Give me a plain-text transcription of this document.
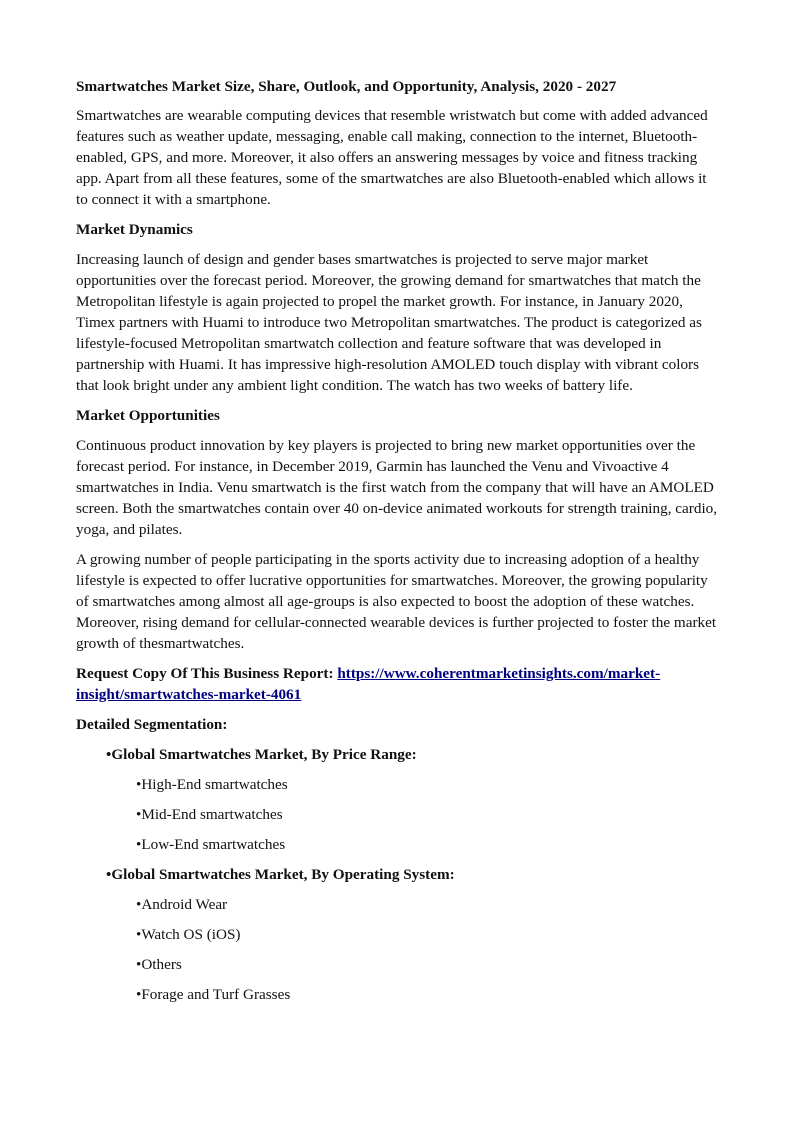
Smartwatches Market Size, Share, Outlook, and Opportunity, Analysis, 2020 - 2027

Smartwatches are wearable computing devices that resemble wristwatch but come with added advanced features such as weather update, messaging, enable call making, connection to the internet, Bluetooth-enabled, GPS, and more. Moreover, it also offers an answering messages by voice and fitness tracking app. Apart from all these features, some of the smartwatches are also Bluetooth-enabled which allows it to connect it with a smartphone.

Market Dynamics

Increasing launch of design and gender bases smartwatches is projected to serve major market opportunities over the forecast period. Moreover, the growing demand for smartwatches that match the Metropolitan lifestyle is again projected to propel the market growth. For instance, in January 2020, Timex partners with Huami to introduce two Metropolitan smartwatches. The product is categorized as lifestyle-focused Metropolitan smartwatch collection and feature software that was developed in partnership with Huami. It has impressive high-resolution AMOLED touch display with vibrant colors that look bright under any ambient light condition. The watch has two weeks of battery life.

Market Opportunities

Continuous product innovation by key players is projected to bring new market opportunities over the forecast period. For instance, in December 2019, Garmin has launched the Venu and Vivoactive 4 smartwatches in India. Venu smartwatch is the first watch from the company that will have an AMOLED screen. Both the smartwatches contain over 40 on-device animated workouts for strength training, cardio, yoga, and pilates.

A growing number of people participating in the sports activity due to increasing adoption of a healthy lifestyle is expected to offer lucrative opportunities for smartwatches. Moreover, the growing popularity of smartwatches among almost all age-groups is also expected to boost the adoption of these watches. Moreover, rising demand for cellular-connected wearable devices is further projected to foster the market growth of thesmartwatches.

Request Copy Of This Business Report: https://www.coherentmarketinsights.com/market-insight/smartwatches-market-4061

Detailed Segmentation:
•Global Smartwatches Market, By Price Range:
•High-End smartwatches
•Mid-End smartwatches
•Low-End smartwatches
•Global Smartwatches Market, By Operating System:
•Android Wear
•Watch OS (iOS)
•Others
•Forage and Turf Grasses
